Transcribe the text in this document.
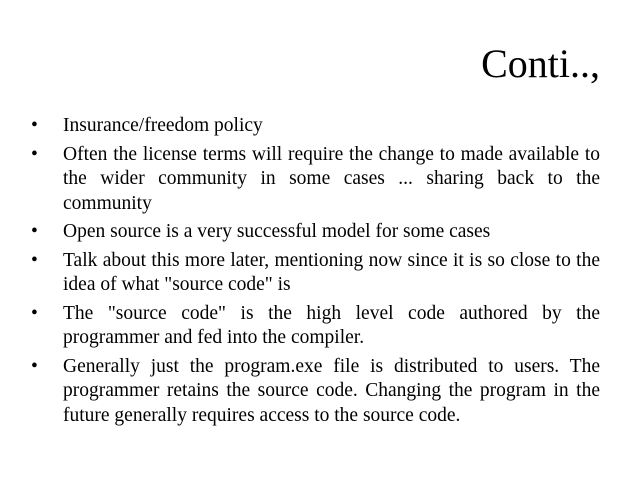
Conti..,
•	Insurance/freedom policy
•	Often the license terms will require the change to made available to the wider community in some cases ... sharing back to the community
•	Open source is a very successful model for some cases
•	Talk about this more later, mentioning now since it is so close to the idea of what "source code" is
•	The "source code" is the high level code authored by the programmer and fed into the compiler.
•	Generally just the program.exe file is distributed to users. The programmer retains the source code. Changing the program in the future generally requires access to the source code.
